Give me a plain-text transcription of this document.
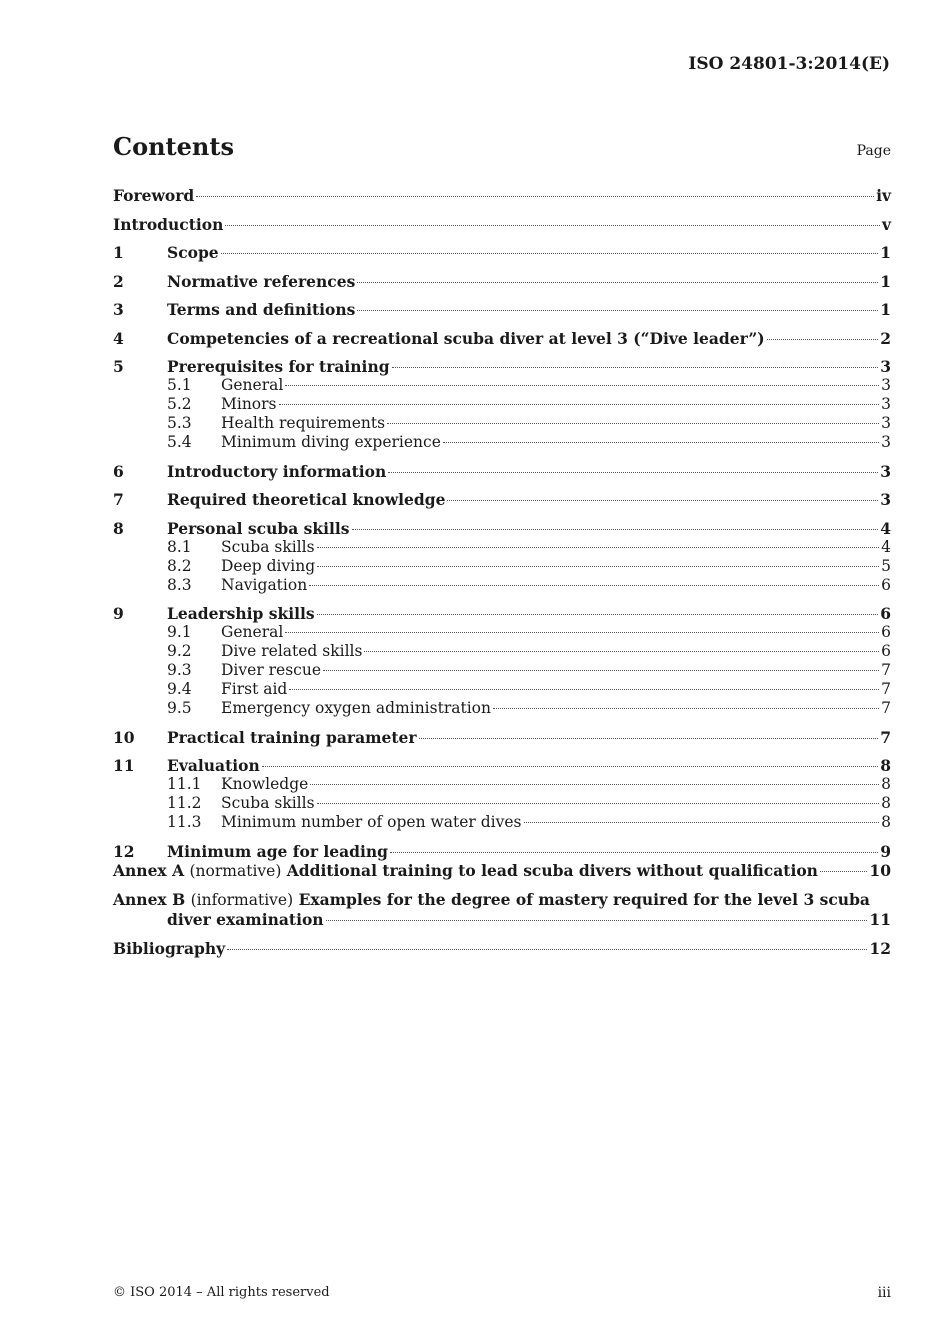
ISO 24801-3:2014(E)
Contents	Page
Foreword	iv
Introduction	v
1	Scope	1
2	Normative references	1
3	Terms and definitions	1
4	Competencies of a recreational scuba diver at level 3 (“Dive leader”)	2
5	Prerequisites for training	3
5.1	General	3
5.2	Minors	3
5.3	Health requirements	3
5.4	Minimum diving experience	3
6	Introductory information	3
7	Required theoretical knowledge	3
8	Personal scuba skills	4
8.1	Scuba skills	4
8.2	Deep diving	5
8.3	Navigation	6
9	Leadership skills	6
9.1	General	6
9.2	Dive related skills	6
9.3	Diver rescue	7
9.4	First aid	7
9.5	Emergency oxygen administration	7
10	Practical training parameter	7
11	Evaluation	8
11.1	Knowledge	8
11.2	Scuba skills	8
11.3	Minimum number of open water dives	8
12	Minimum age for leading	9
Annex A (normative) Additional training to lead scuba divers without qualification	10
Annex B (informative) Examples for the degree of mastery required for the level 3 scuba
diver examination	11
Bibliography	12
© ISO 2014 – All rights reserved	iii
